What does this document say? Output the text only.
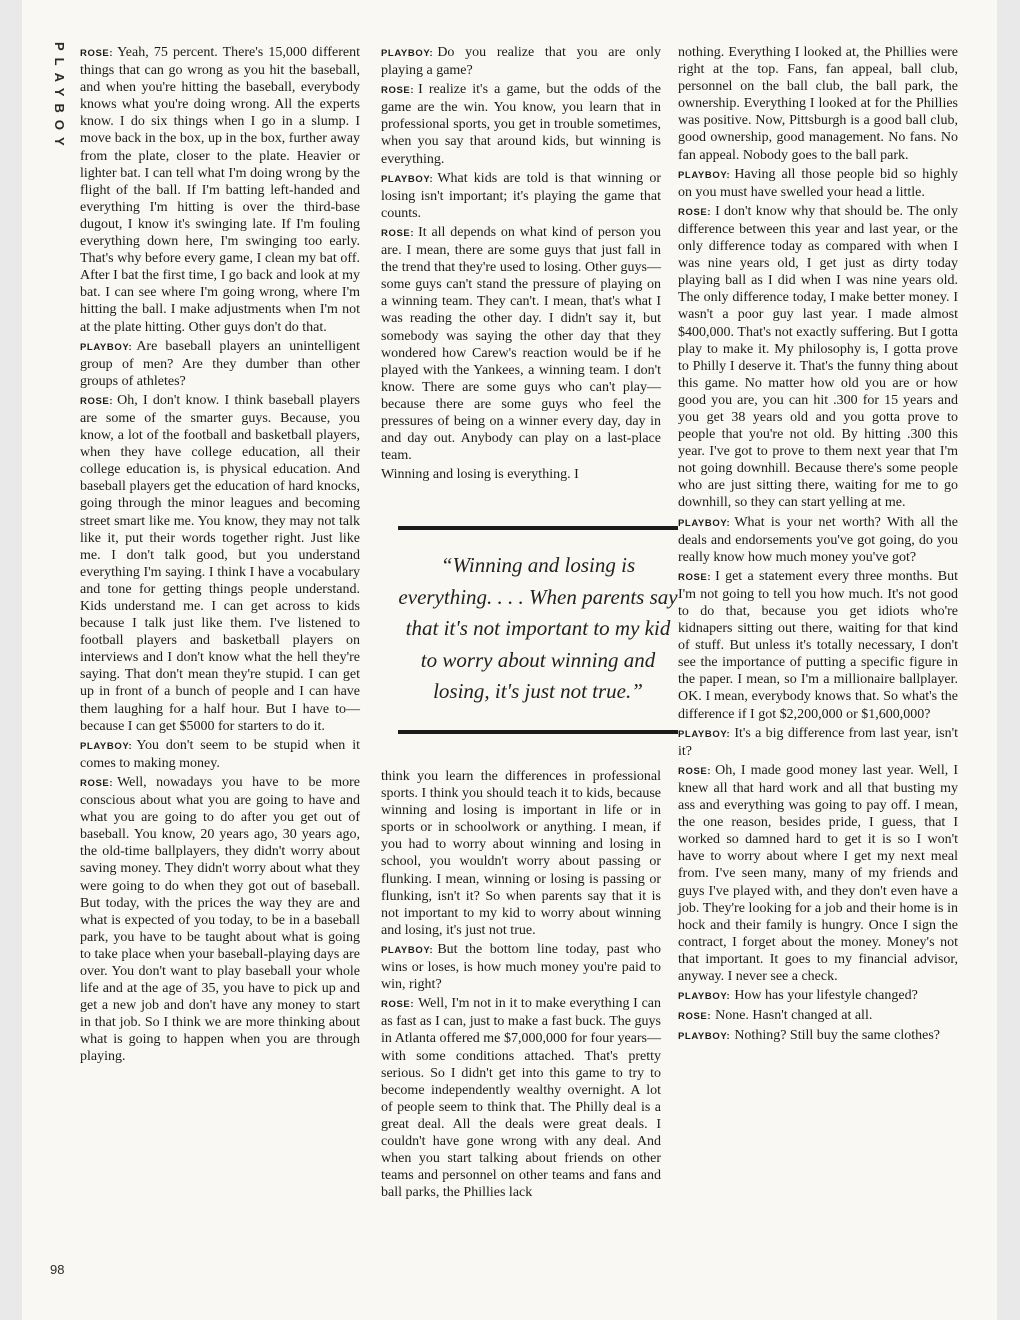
PLAYBOY
98

ROSE: Yeah, 75 percent. There's 15,000 different things that can go wrong as you hit the baseball, and when you're hitting the baseball, everybody knows what you're doing wrong. All the experts know. I do six things when I go in a slump. I move back in the box, up in the box, further away from the plate, closer to the plate. Heavier or lighter bat. I can tell what I'm doing wrong by the flight of the ball. If I'm batting left-handed and everything I'm hitting is over the third-base dugout, I know it's swinging late. If I'm fouling everything down here, I'm swinging too early. That's why before every game, I clean my bat off. After I bat the first time, I go back and look at my bat. I can see where I'm going wrong, where I'm hitting the ball. I make adjustments when I'm not at the plate hitting. Other guys don't do that.

PLAYBOY: Are baseball players an unintelligent group of men? Are they dumber than other groups of athletes?

ROSE: Oh, I don't know. I think baseball players are some of the smarter guys. Because, you know, a lot of the football and basketball players, when they have college education, all their college education is, is physical education. And baseball players get the education of hard knocks, going through the minor leagues and becoming street smart like me. You know, they may not talk like it, put their words together right. Just like me. I don't talk good, but you understand everything I'm saying. I think I have a vocabulary and tone for getting things people understand. Kids understand me. I can get across to kids because I talk just like them. I've listened to football players and basketball players on interviews and I don't know what the hell they're saying. That don't mean they're stupid. I can get up in front of a bunch of people and I can have them laughing for a half hour. But I have to—because I can get $5000 for starters to do it.

PLAYBOY: You don't seem to be stupid when it comes to making money.

ROSE: Well, nowadays you have to be more conscious about what you are going to have and what you are going to do after you get out of baseball. You know, 20 years ago, 30 years ago, the old-time ballplayers, they didn't worry about saving money. They didn't worry about what they were going to do when they got out of baseball. But today, with the prices the way they are and what is expected of you today, to be in a baseball park, you have to be taught about what is going to take place when your baseball-playing days are over. You don't want to play baseball your whole life and at the age of 35, you have to pick up and get a new job and don't have any money to start in that job. So I think we are more thinking about what is going to happen when you are through playing.

PLAYBOY: Do you realize that you are only playing a game?

ROSE: I realize it's a game, but the odds of the game are the win. You know, you learn that in professional sports, you get in trouble sometimes, when you say that around kids, but winning is everything.

PLAYBOY: What kids are told is that winning or losing isn't important; it's playing the game that counts.

ROSE: It all depends on what kind of person you are. I mean, there are some guys that just fall in the trend that they're used to losing. Other guys—some guys can't stand the pressure of playing on a winning team. They can't. I mean, that's what I was reading the other day. I didn't say it, but somebody was saying the other day that they wondered how Carew's reaction would be if he played with the Yankees, a winning team. I don't know. There are some guys who can't play—because there are some guys who feel the pressures of being on a winner every day, day in and day out. Anybody can play on a last-place team.

Winning and losing is everything. I

“Winning and losing is everything. . . . When parents say that it's not important to my kid to worry about winning and losing, it's just not true.”

think you learn the differences in professional sports. I think you should teach it to kids, because winning and losing is important in life or in sports or in schoolwork or anything. I mean, if you had to worry about winning and losing in school, you wouldn't worry about passing or flunking. I mean, winning or losing is passing or flunking, isn't it? So when parents say that it is not important to my kid to worry about winning and losing, it's just not true.

PLAYBOY: But the bottom line today, past who wins or loses, is how much money you're paid to win, right?

ROSE: Well, I'm not in it to make everything I can as fast as I can, just to make a fast buck. The guys in Atlanta offered me $7,000,000 for four years—with some conditions attached. That's pretty serious. So I didn't get into this game to try to become independently wealthy overnight. A lot of people seem to think that. The Philly deal is a great deal. All the deals were great deals. I couldn't have gone wrong with any deal. And when you start talking about friends on other teams and personnel on other teams and fans and ball parks, the Phillies lack

nothing. Everything I looked at, the Phillies were right at the top. Fans, fan appeal, ball club, personnel on the ball club, the ball park, the ownership. Everything I looked at for the Phillies was positive. Now, Pittsburgh is a good ball club, good ownership, good management. No fans. No fan appeal. Nobody goes to the ball park.

PLAYBOY: Having all those people bid so highly on you must have swelled your head a little.

ROSE: I don't know why that should be. The only difference between this year and last year, or the only difference today as compared with when I was nine years old, I get just as dirty today playing ball as I did when I was nine years old. The only difference today, I make better money. I wasn't a poor guy last year. I made almost $400,000. That's not exactly suffering. But I gotta play to make it. My philosophy is, I gotta prove to Philly I deserve it. That's the funny thing about this game. No matter how old you are or how good you are, you can hit .300 for 15 years and you get 38 years old and you gotta prove to people that you're not old. By hitting .300 this year. I've got to prove to them next year that I'm not going downhill. Because there's some people who are just sitting there, waiting for me to go downhill, so they can start yelling at me.

PLAYBOY: What is your net worth? With all the deals and endorsements you've got going, do you really know how much money you've got?

ROSE: I get a statement every three months. But I'm not going to tell you how much. It's not good to do that, because you get idiots who're kidnapers sitting out there, waiting for that kind of stuff. But unless it's totally necessary, I don't see the importance of putting a specific figure in the paper. I mean, so I'm a millionaire ballplayer. OK. I mean, everybody knows that. So what's the difference if I got $2,200,000 or $1,600,000?

PLAYBOY: It's a big difference from last year, isn't it?

ROSE: Oh, I made good money last year. Well, I knew all that hard work and all that busting my ass and everything was going to pay off. I mean, the one reason, besides pride, I guess, that I worked so damned hard to get it is so I won't have to worry about where I get my next meal from. I've seen many, many of my friends and guys I've played with, and they don't even have a job. They're looking for a job and their home is in hock and their family is hungry. Once I sign the contract, I forget about the money. Money's not that important. It goes to my financial advisor, anyway. I never see a check.

PLAYBOY: How has your lifestyle changed?

ROSE: None. Hasn't changed at all.

PLAYBOY: Nothing? Still buy the same clothes?
